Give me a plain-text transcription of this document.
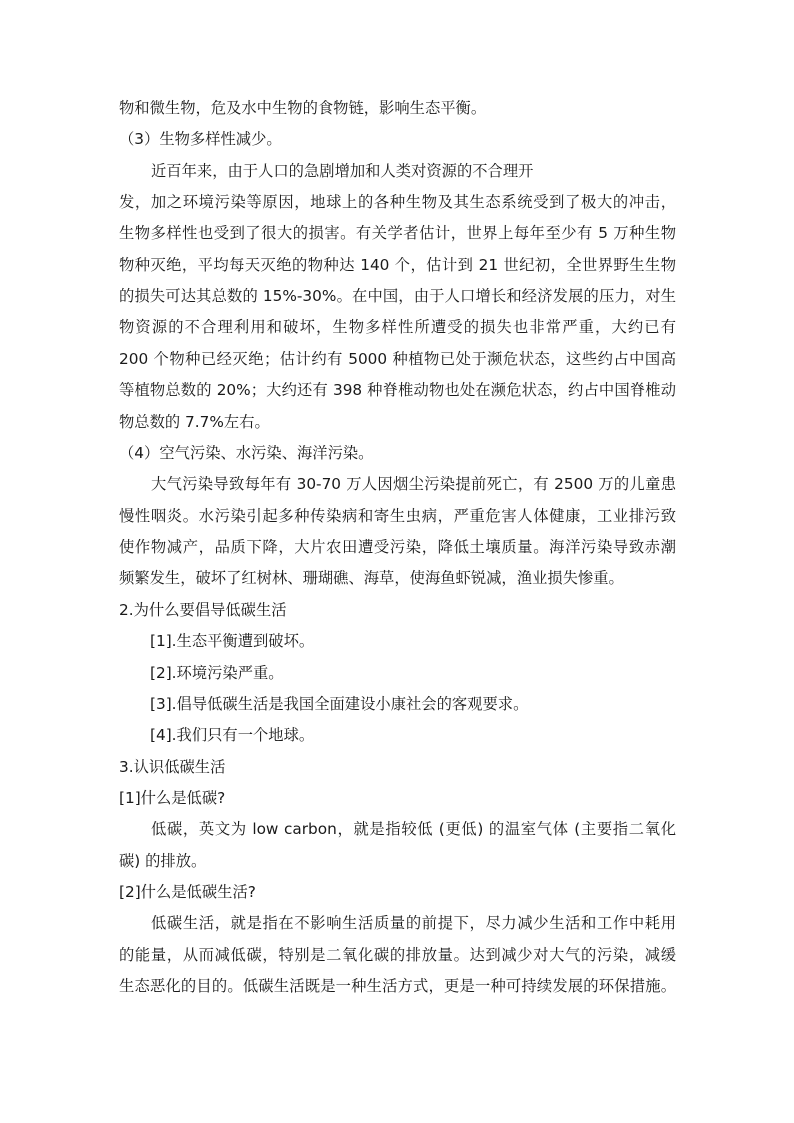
物和微生物，危及水中生物的食物链，影响生态平衡。
（3）生物多样性减少。
近百年来，由于人口的急剧增加和人类对资源的不合理开
发，加之环境污染等原因，地球上的各种生物及其生态系统受到了极大的冲击，
生物多样性也受到了很大的损害。有关学者估计，世界上每年至少有 5 万种生物
物种灭绝，平均每天灭绝的物种达 140 个，估计到 21 世纪初，全世界野生生物
的损失可达其总数的 15%-30%。在中国，由于人口增长和经济发展的压力，对生
物资源的不合理利用和破坏，生物多样性所遭受的损失也非常严重，大约已有
200 个物种已经灭绝；估计约有 5000 种植物已处于濒危状态，这些约占中国高
等植物总数的 20%；大约还有 398 种脊椎动物也处在濒危状态，约占中国脊椎动
物总数的 7.7%左右。
（4）空气污染、水污染、海洋污染。
大气污染导致每年有 30-70 万人因烟尘污染提前死亡，有 2500 万的儿童患
慢性咽炎。水污染引起多种传染病和寄生虫病，严重危害人体健康，工业排污致
使作物减产，品质下降，大片农田遭受污染，降低土壤质量。海洋污染导致赤潮
频繁发生，破坏了红树林、珊瑚礁、海草，使海鱼虾锐减，渔业损失惨重。
2.为什么要倡导低碳生活
[1].生态平衡遭到破坏。
[2].环境污染严重。
[3].倡导低碳生活是我国全面建设小康社会的客观要求。
[4].我们只有一个地球。
3.认识低碳生活
[1]什么是低碳?
低碳，英文为 low carbon，就是指较低 (更低) 的温室气体 (主要指二氧化
碳) 的排放。
[2]什么是低碳生活?
低碳生活，就是指在不影响生活质量的前提下，尽力减少生活和工作中耗用
的能量，从而减低碳，特别是二氧化碳的排放量。达到减少对大气的污染，减缓
生态恶化的目的。低碳生活既是一种生活方式，更是一种可持续发展的环保措施。
